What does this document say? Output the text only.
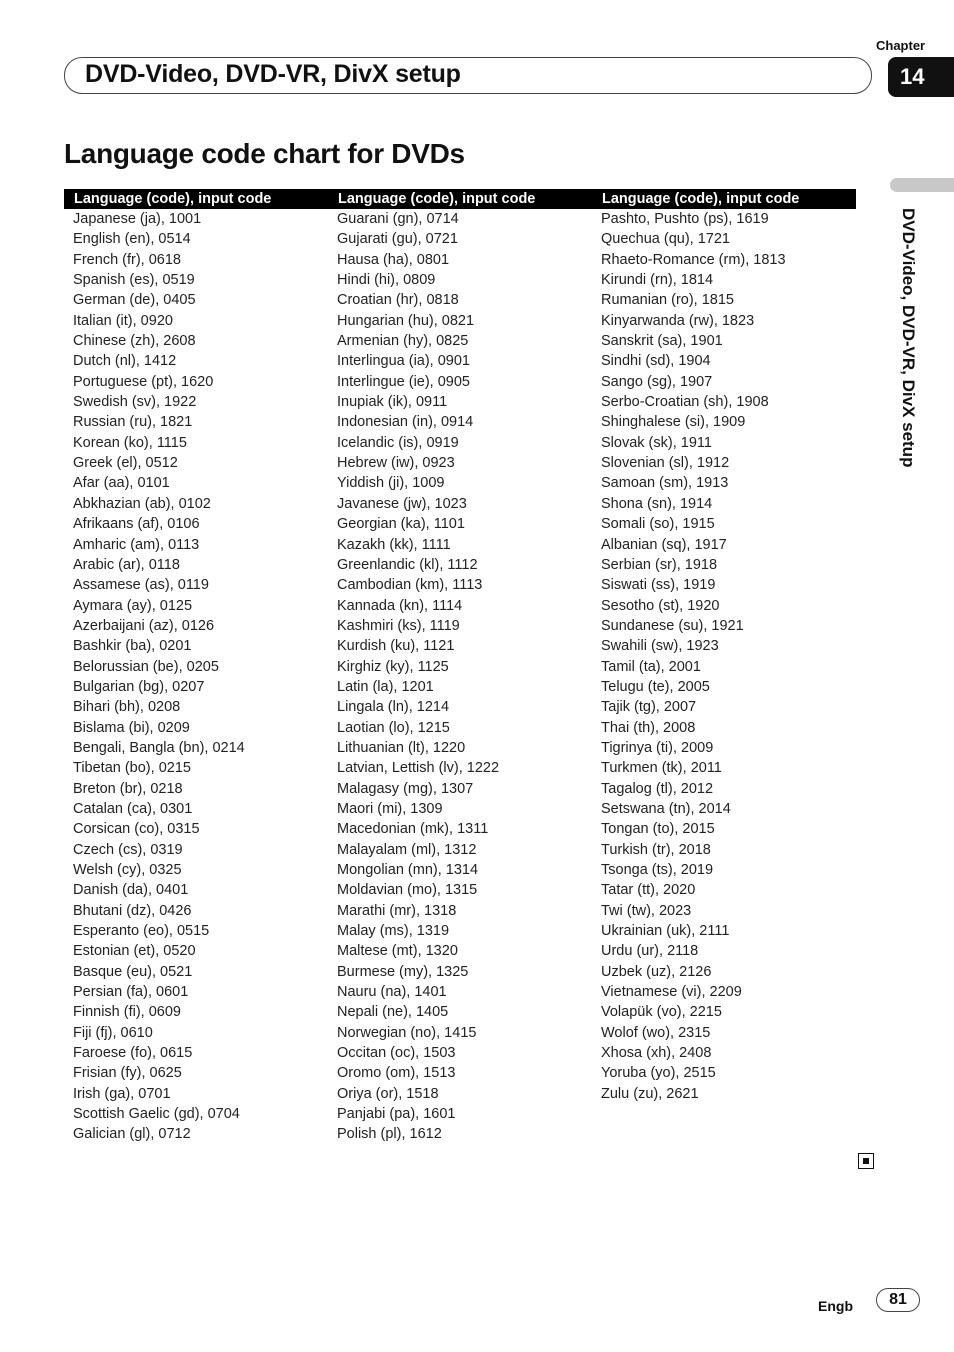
Chapter
14
DVD-Video, DVD-VR, DivX setup
DVD-Video, DVD-VR, DivX setup
Language code chart for DVDs
Language (code), input code
Japanese (ja), 1001
English (en), 0514
French (fr), 0618
Spanish (es), 0519
German (de), 0405
Italian (it), 0920
Chinese (zh), 2608
Dutch (nl), 1412
Portuguese (pt), 1620
Swedish (sv), 1922
Russian (ru), 1821
Korean (ko), 1115
Greek (el), 0512
Afar (aa), 0101
Abkhazian (ab), 0102
Afrikaans (af), 0106
Amharic (am), 0113
Arabic (ar), 0118
Assamese (as), 0119
Aymara (ay), 0125
Azerbaijani (az), 0126
Bashkir (ba), 0201
Belorussian (be), 0205
Bulgarian (bg), 0207
Bihari (bh), 0208
Bislama (bi), 0209
Bengali, Bangla (bn), 0214
Tibetan (bo), 0215
Breton (br), 0218
Catalan (ca), 0301
Corsican (co), 0315
Czech (cs), 0319
Welsh (cy), 0325
Danish (da), 0401
Bhutani (dz), 0426
Esperanto (eo), 0515
Estonian (et), 0520
Basque (eu), 0521
Persian (fa), 0601
Finnish (fi), 0609
Fiji (fj), 0610
Faroese (fo), 0615
Frisian (fy), 0625
Irish (ga), 0701
Scottish Gaelic (gd), 0704
Galician (gl), 0712
Language (code), input code
Guarani (gn), 0714
Gujarati (gu), 0721
Hausa (ha), 0801
Hindi (hi), 0809
Croatian (hr), 0818
Hungarian (hu), 0821
Armenian (hy), 0825
Interlingua (ia), 0901
Interlingue (ie), 0905
Inupiak (ik), 0911
Indonesian (in), 0914
Icelandic (is), 0919
Hebrew (iw), 0923
Yiddish (ji), 1009
Javanese (jw), 1023
Georgian (ka), 1101
Kazakh (kk), 1111
Greenlandic (kl), 1112
Cambodian (km), 1113
Kannada (kn), 1114
Kashmiri (ks), 1119
Kurdish (ku), 1121
Kirghiz (ky), 1125
Latin (la), 1201
Lingala (ln), 1214
Laotian (lo), 1215
Lithuanian (lt), 1220
Latvian, Lettish (lv), 1222
Malagasy (mg), 1307
Maori (mi), 1309
Macedonian (mk), 1311
Malayalam (ml), 1312
Mongolian (mn), 1314
Moldavian (mo), 1315
Marathi (mr), 1318
Malay (ms), 1319
Maltese (mt), 1320
Burmese (my), 1325
Nauru (na), 1401
Nepali (ne), 1405
Norwegian (no), 1415
Occitan (oc), 1503
Oromo (om), 1513
Oriya (or), 1518
Panjabi (pa), 1601
Polish (pl), 1612
Language (code), input code
Pashto, Pushto (ps), 1619
Quechua (qu), 1721
Rhaeto-Romance (rm), 1813
Kirundi (rn), 1814
Rumanian (ro), 1815
Kinyarwanda (rw), 1823
Sanskrit (sa), 1901
Sindhi (sd), 1904
Sango (sg), 1907
Serbo-Croatian (sh), 1908
Shinghalese (si), 1909
Slovak (sk), 1911
Slovenian (sl), 1912
Samoan (sm), 1913
Shona (sn), 1914
Somali (so), 1915
Albanian (sq), 1917
Serbian (sr), 1918
Siswati (ss), 1919
Sesotho (st), 1920
Sundanese (su), 1921
Swahili (sw), 1923
Tamil (ta), 2001
Telugu (te), 2005
Tajik (tg), 2007
Thai (th), 2008
Tigrinya (ti), 2009
Turkmen (tk), 2011
Tagalog (tl), 2012
Setswana (tn), 2014
Tongan (to), 2015
Turkish (tr), 2018
Tsonga (ts), 2019
Tatar (tt), 2020
Twi (tw), 2023
Ukrainian (uk), 2111
Urdu (ur), 2118
Uzbek (uz), 2126
Vietnamese (vi), 2209
Volapük (vo), 2215
Wolof (wo), 2315
Xhosa (xh), 2408
Yoruba (yo), 2515
Zulu (zu), 2621
Engb	81
